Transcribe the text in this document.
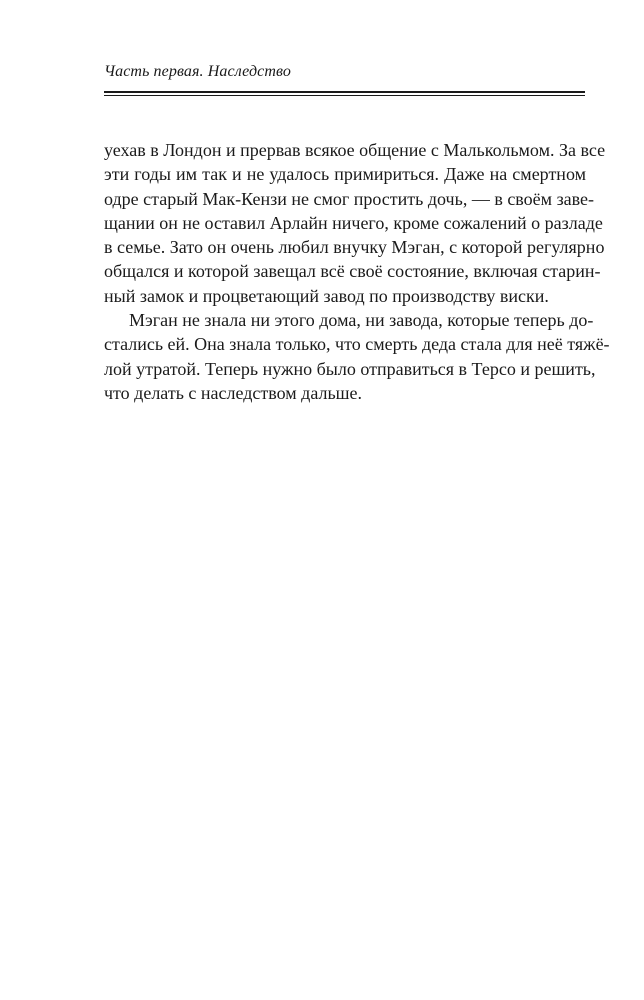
Часть первая. Наследство
уехав в Лондон и прервав всякое общение с Малькольмом. За все
эти годы им так и не удалось примириться. Даже на смертном
одре старый Мак-Кензи не смог простить дочь, — в своём заве-
щании он не оставил Арлайн ничего, кроме сожалений о разладе
в семье. Зато он очень любил внучку Мэган, с которой регулярно
общался и которой завещал всё своё состояние, включая старин-
ный замок и процветающий завод по производству виски.
Мэган не знала ни этого дома, ни завода, которые теперь до-
стались ей. Она знала только, что смерть деда стала для неё тяжё-
лой утратой. Теперь нужно было отправиться в Терсо и решить,
что делать с наследством дальше.
